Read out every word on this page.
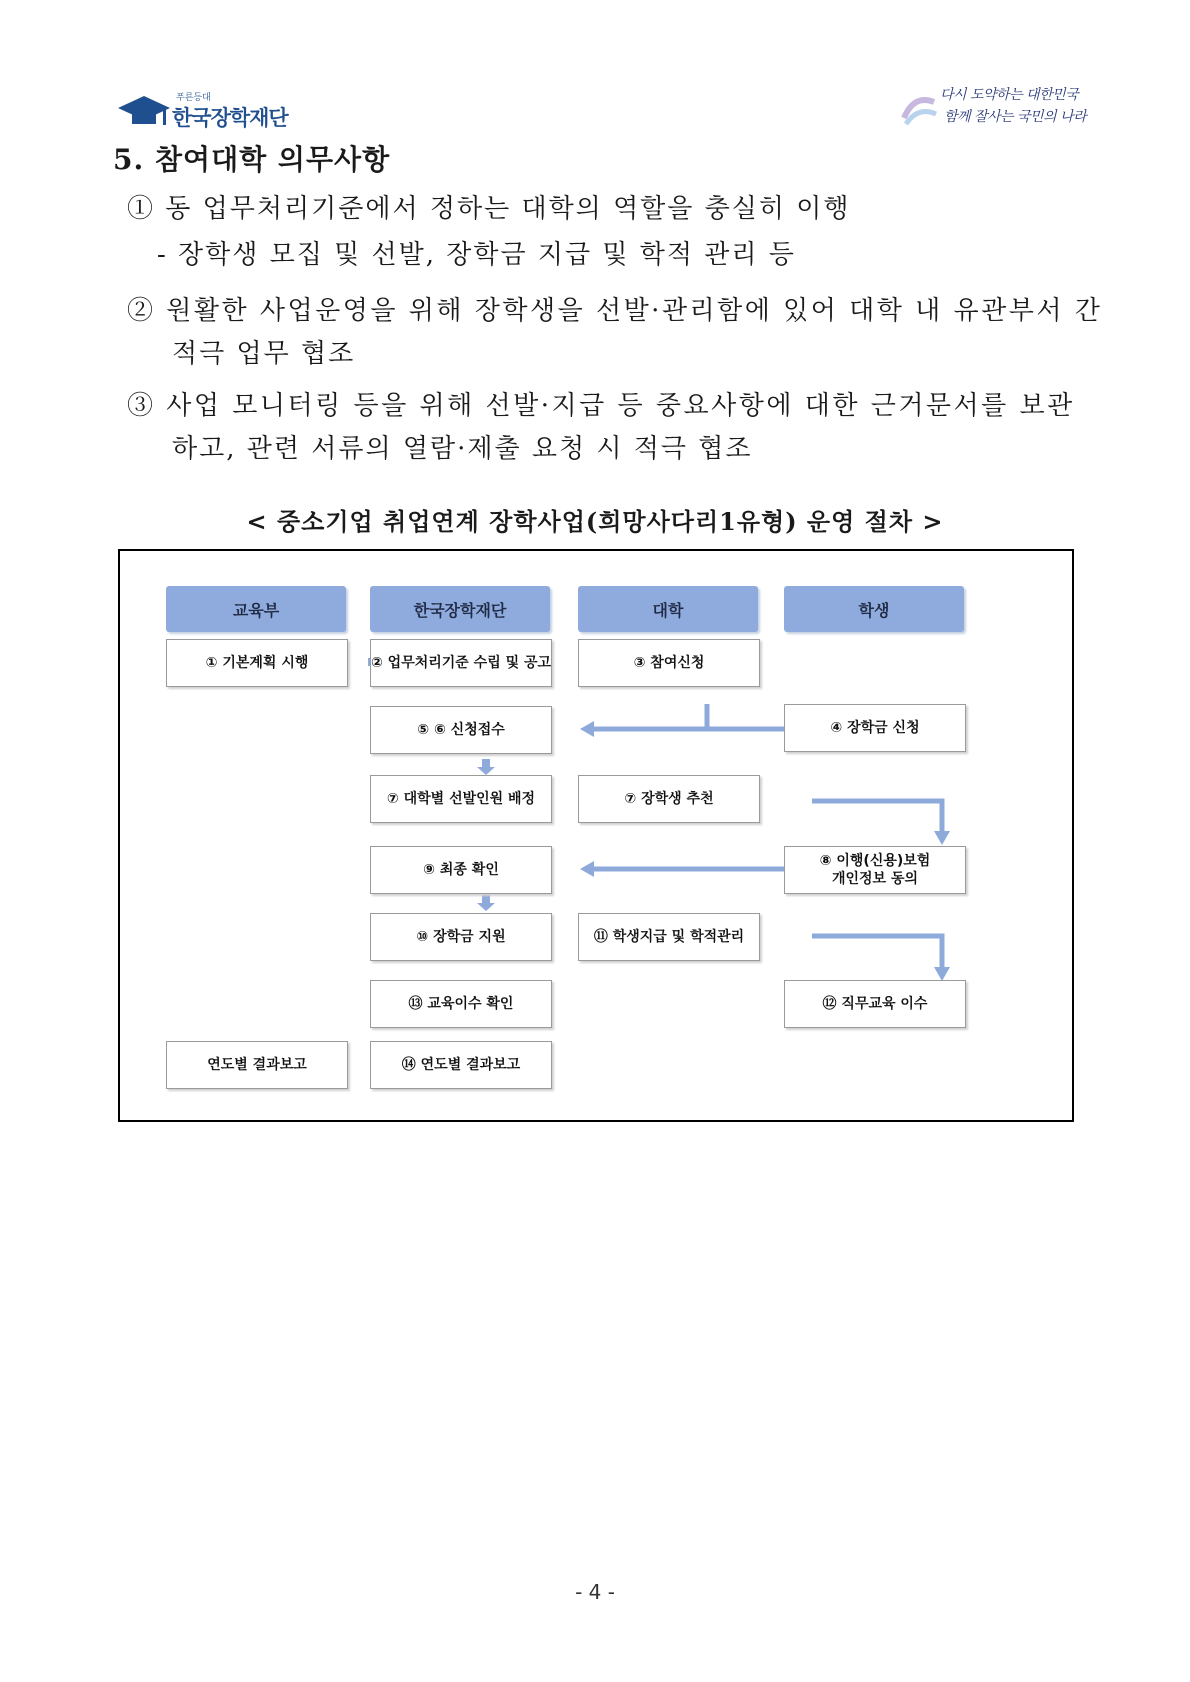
푸른등대
한국장학재단
다시 도약하는 대한민국
함께 잘사는 국민의 나라
5. 참여대학 의무사항
① 동 업무처리기준에서 정하는 대학의 역할을 충실히 이행
- 장학생 모집 및 선발, 장학금 지급 및 학적 관리 등
② 원활한 사업운영을 위해 장학생을 선발·관리함에 있어 대학 내 유관부서 간
적극 업무 협조
③ 사업 모니터링 등을 위해 선발·지급 등 중요사항에 대한 근거문서를 보관
하고, 관련 서류의 열람·제출 요청 시 적극 협조
< 중소기업 취업연계 장학사업(희망사다리1유형) 운영 절차 >
교육부	한국장학재단	대학	학생
① 기본계획 시행	② 업무처리기준 수립 및 공고	③ 참여신청
④ 장학금 신청
⑤ ⑥ 신청접수
⑦ 대학별 선발인원 배정	⑦ 장학생 추천
⑨ 최종 확인
⑧ 이행(신용)보험
개인정보 동의
⑩ 장학금 지원	⑪ 학생지급 및 학적관리
⑬ 교육이수 확인	⑫ 직무교육 이수
연도별 결과보고	⑭ 연도별 결과보고
- 4 -
